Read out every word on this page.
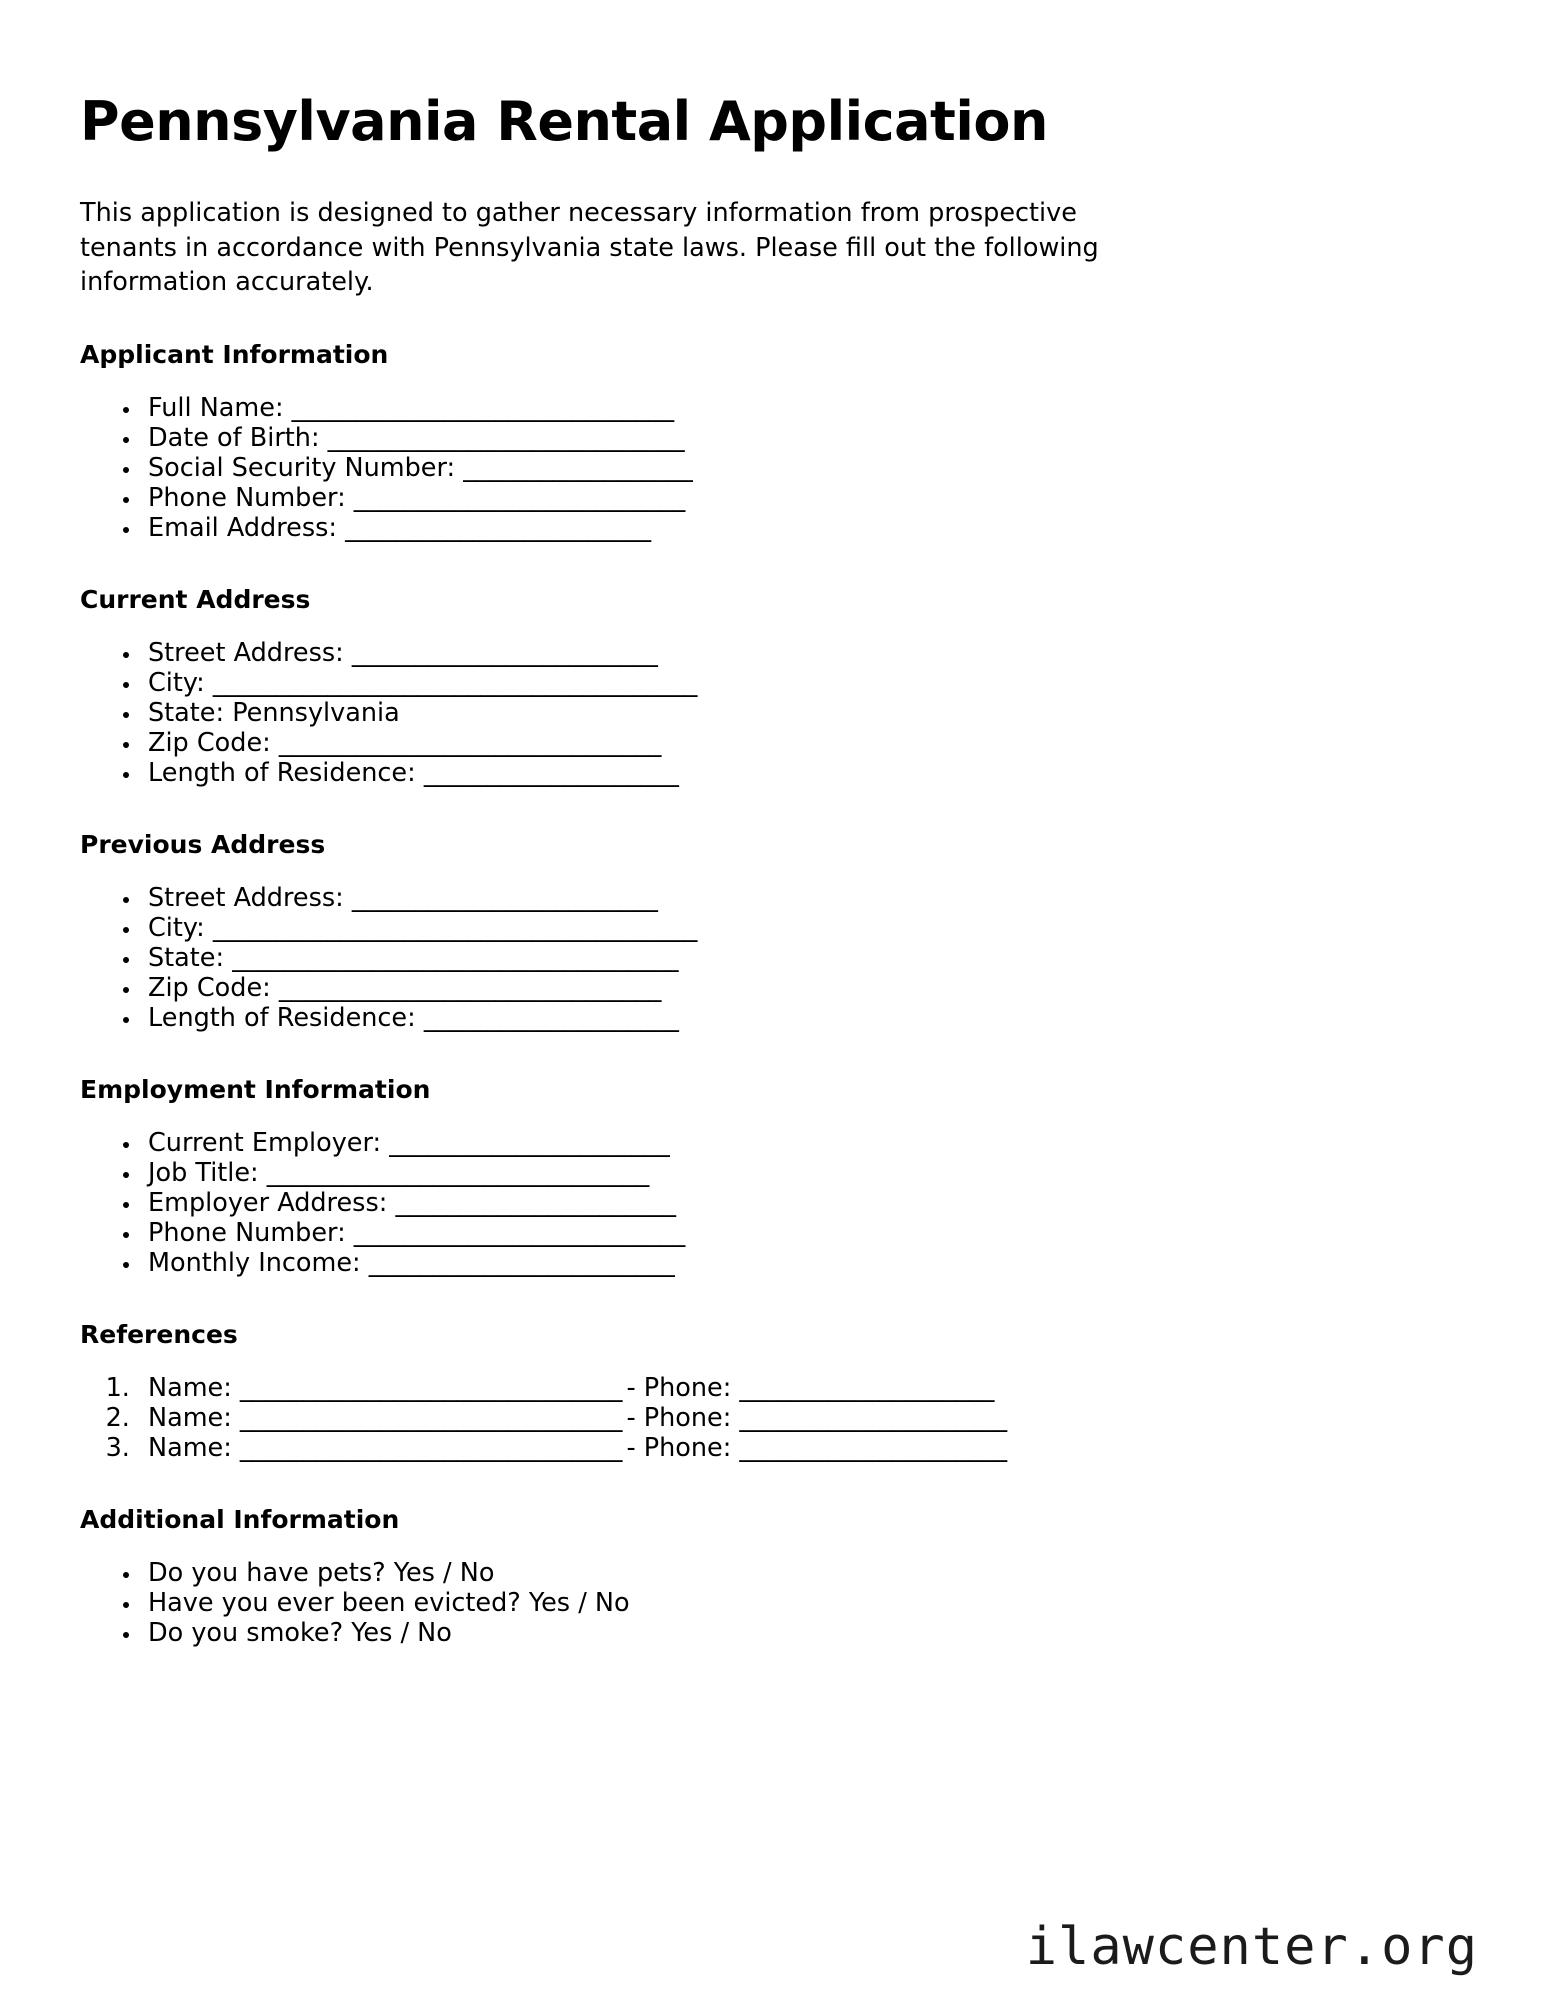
Pennsylvania Rental Application

This application is designed to gather necessary information from prospective tenants in accordance with Pennsylvania state laws. Please fill out the following information accurately.

Applicant Information
• Full Name: ______________________________
• Date of Birth: ____________________________
• Social Security Number: __________________
• Phone Number: __________________________
• Email Address: ________________________
Current Address
• Street Address: ________________________
• City: ______________________________________
• State: Pennsylvania
• Zip Code: ______________________________
• Length of Residence: ____________________
Previous Address
• Street Address: ________________________
• City: ______________________________________
• State: ___________________________________
• Zip Code: ______________________________
• Length of Residence: ____________________
Employment Information
• Current Employer: ______________________
• Job Title: ______________________________
• Employer Address: ______________________
• Phone Number: __________________________
• Monthly Income: ________________________
References
1. Name: ______________________________ - Phone: ____________________
2. Name: ______________________________ - Phone: _____________________
3. Name: ______________________________ - Phone: _____________________
Additional Information
• Do you have pets? Yes / No
• Have you ever been evicted? Yes / No
• Do you smoke? Yes / No
ilawcenter.org
